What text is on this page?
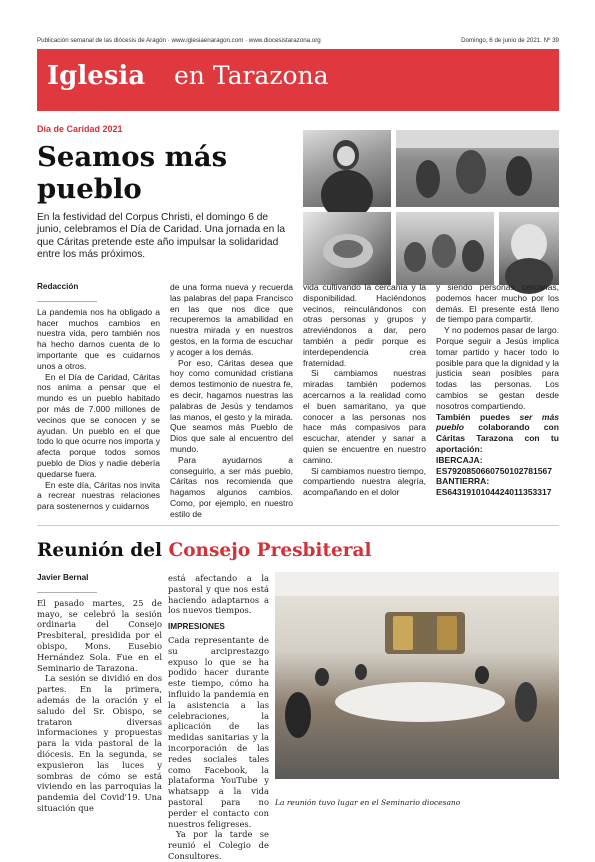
Publicación semanal de las diócesis de Aragón · www.iglesiaenaragon.com · www.diocesistarazona.org	Domingo, 6 de junio de 2021. Nº 39
Iglesia en Tarazona
Día de Caridad 2021
Seamos más pueblo
En la festividad del Corpus Christi, el domingo 6 de junio, celebramos el Día de Caridad. Una jornada en la que Cáritas pretende este año impulsar la solidaridad entre los más próximos.
Redacción

La pandemia nos ha obligado a hacer muchos cambios en nuestra vida, pero también nos ha hecho darnos cuenta de lo importante que es cuidarnos unos a otros.

En el Día de Caridad, Cáritas nos anima a pensar que el mundo es un pueblo habitado por más de 7.000 millones de vecinos que se conocen y se ayudan. Un pueblo en el que todo lo que ocurre nos importa y afecta porque todos somos pueblo de Dios y nadie debería quedarse fuera.

En este día, Cáritas nos invita a recrear nuestras relaciones para sostenernos y cuidarnos

de una forma nueva y recuerda las palabras del papa Francisco en las que nos dice que recuperemos la amabilidad en nuestra mirada y en nuestros gestos, en la forma de escuchar y acoger a los demás.

Por eso, Cáritas desea que hoy como comunidad cristiana demos testimonio de nuestra fe, es decir, hagamos nuestras las palabras de Jesús y tendamos las manos, el gesto y la mirada. Que seamos más Pueblo de Dios que sale al encuentro del mundo.

Para ayudarnos a conseguirlo, a ser más pueblo, Cáritas nos recomienda que hagamos algunos cambios. Como, por ejemplo, en nuestro estilo de

vida cultivando la cercanía y la disponibilidad. Haciéndonos vecinos, reinculándonos con otras personas y grupos y atreviéndonos a dar, pero también a pedir porque es interdependencia crea fraternidad.

Si cambiamos nuestras miradas también podemos acercarnos a la realidad como el buen samaritano, ya que conocer a las personas nos hace más compasivos para escuchar, atender y sanar a quien se encuentre en nuestro camino.

Si cambiamos nuestro tiempo, compartiendo nuestra alegría, acompañando en el dolor

y siendo personas cercanas, podemos hacer mucho por los demás. El presente está lleno de tiempo para compartir.

Y no podemos pasar de largo. Porque seguir a Jesús implica tomar partido y hacer todo lo posible para que la dignidad y la justicia sean posibles para todas las personas. Los cambios se gestan desde nosotros compartiendo.

También puedes ser más pueblo colaborando con Cáritas Tarazona con tu aportación:

IBERCAJA:

ES7920850660750102781567

BANTIERRA:

ES6431910104424011353317

Reunión del Consejo Presbiteral
Javier Bernal

El pasado martes, 25 de mayo, se celebró la sesión ordinaria del Consejo Presbiteral, presidida por el obispo, Mons. Eusebio Hernández Sola. Fue en el Seminario de Tarazona.

La sesión se dividió en dos partes. En la primera, además de la oración y el saludo del Sr. Obispo, se trataron diversas informaciones y propuestas para la vida pastoral de la diócesis. En la segunda, se expusieron las luces y sombras de cómo se está viviendo en las parroquias la pandemia del Covid'19. Una situación que

está afectando a la pastoral y que nos está haciendo adaptarnos a los nuevos tiempos.

IMPRESIONES

Cada representante de su arciprestazgo expuso lo que se ha podido hacer durante este tiempo, cómo ha influido la pandemia en la asistencia a las celebraciones, la aplicación de las medidas sanitarias y la incorporación de las redes sociales tales como Facebook, la plataforma YouTube y whatsapp a la vida pastoral para no perder el contacto con nuestros feligreses.

Ya por la tarde se reunió el Colegio de Consultores.

La reunión tuvo lugar en el Seminario diocesano
